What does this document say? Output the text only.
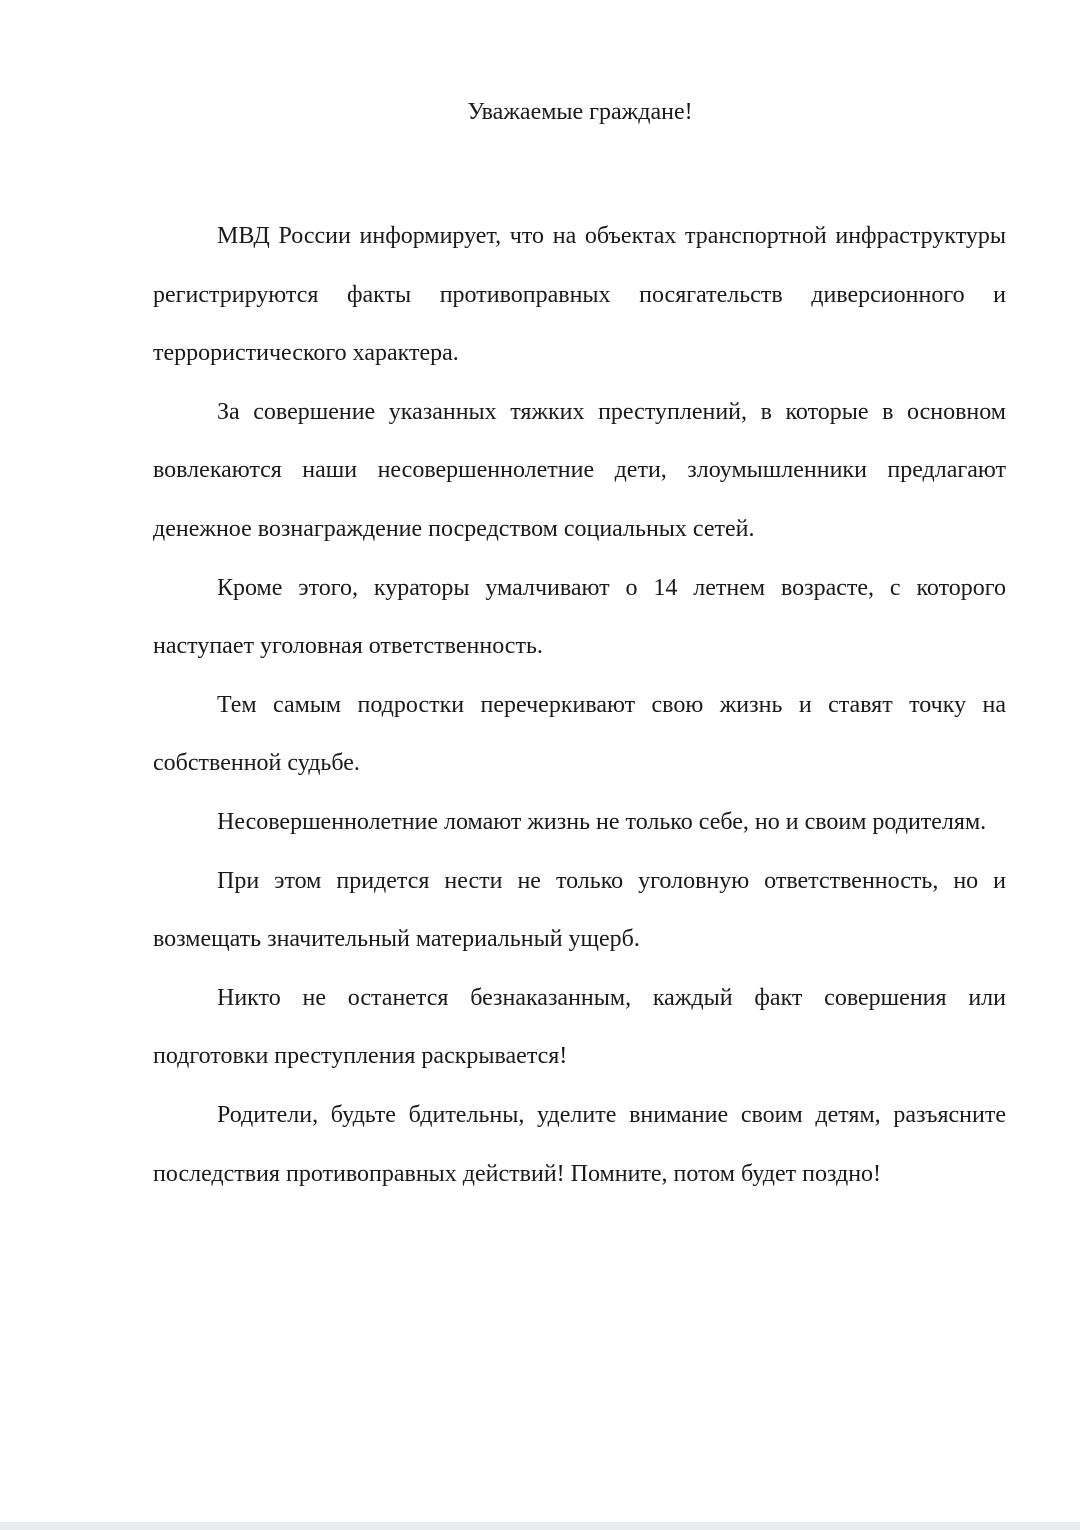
Уважаемые граждане!

МВД России информирует, что на объектах транспортной инфраструктуры регистрируются факты противоправных посягательств диверсионного и террористического характера.

За совершение указанных тяжких преступлений, в которые в основном вовлекаются наши несовершеннолетние дети, злоумышленники предлагают денежное вознаграждение посредством социальных сетей.

Кроме этого, кураторы умалчивают о 14 летнем возрасте, с которого наступает уголовная ответственность.

Тем самым подростки перечеркивают свою жизнь и ставят точку на собственной судьбе.

Несовершеннолетние ломают жизнь не только себе, но и своим родителям.

При этом придется нести не только уголовную ответственность, но и возмещать значительный материальный ущерб.

Никто не останется безнаказанным, каждый факт совершения или подготовки преступления раскрывается!

Родители, будьте бдительны, уделите внимание своим детям, разъясните последствия противоправных действий! Помните, потом будет поздно!
